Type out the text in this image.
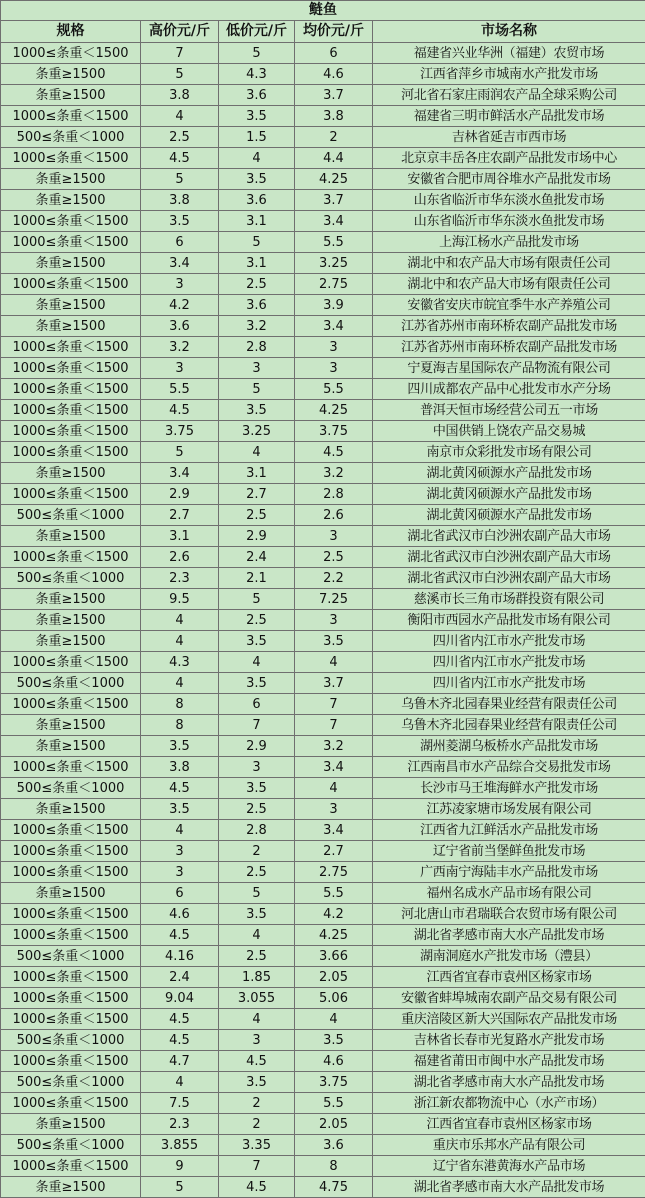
鲢鱼				
规格	高价元/斤	低价元/斤	均价元/斤	市场名称
1000≤条重＜1500	7	5	6	福建省兴业华洲（福建）农贸市场
条重≥1500	5	4.3	4.6	江西省萍乡市城南水产批发市场
条重≥1500	3.8	3.6	3.7	河北省石家庄雨润农产品全球采购公司
1000≤条重＜1500	4	3.5	3.8	福建省三明市鲜活水产品批发市场
500≤条重＜1000	2.5	1.5	2	吉林省延吉市西市场
1000≤条重＜1500	4.5	4	4.4	北京京丰岳各庄农副产品批发市场中心
条重≥1500	5	3.5	4.25	安徽省合肥市周谷堆水产品批发市场
条重≥1500	3.8	3.6	3.7	山东省临沂市华东淡水鱼批发市场
1000≤条重＜1500	3.5	3.1	3.4	山东省临沂市华东淡水鱼批发市场
1000≤条重＜1500	6	5	5.5	上海江杨水产品批发市场
条重≥1500	3.4	3.1	3.25	湖北中和农产品大市场有限责任公司
1000≤条重＜1500	3	2.5	2.75	湖北中和农产品大市场有限责任公司
条重≥1500	4.2	3.6	3.9	安徽省安庆市皖宜季牛水产养殖公司
条重≥1500	3.6	3.2	3.4	江苏省苏州市南环桥农副产品批发市场
1000≤条重＜1500	3.2	2.8	3	江苏省苏州市南环桥农副产品批发市场
1000≤条重＜1500	3	3	3	宁夏海吉星国际农产品物流有限公司
1000≤条重＜1500	5.5	5	5.5	四川成都农产品中心批发市水产分场
1000≤条重＜1500	4.5	3.5	4.25	普洱天恒市场经营公司五一市场
1000≤条重＜1500	3.75	3.25	3.75	中国供销上饶农产品交易城
1000≤条重＜1500	5	4	4.5	南京市众彩批发市场有限公司
条重≥1500	3.4	3.1	3.2	湖北黄冈硕源水产品批发市场
1000≤条重＜1500	2.9	2.7	2.8	湖北黄冈硕源水产品批发市场
500≤条重＜1000	2.7	2.5	2.6	湖北黄冈硕源水产品批发市场
条重≥1500	3.1	2.9	3	湖北省武汉市白沙洲农副产品大市场
1000≤条重＜1500	2.6	2.4	2.5	湖北省武汉市白沙洲农副产品大市场
500≤条重＜1000	2.3	2.1	2.2	湖北省武汉市白沙洲农副产品大市场
条重≥1500	9.5	5	7.25	慈溪市长三角市场群投资有限公司
条重≥1500	4	2.5	3	衡阳市西园水产品批发市场有限公司
条重≥1500	4	3.5	3.5	四川省内江市水产批发市场
1000≤条重＜1500	4.3	4	4	四川省内江市水产批发市场
500≤条重＜1000	4	3.5	3.7	四川省内江市水产批发市场
1000≤条重＜1500	8	6	7	乌鲁木齐北园春果业经营有限责任公司
条重≥1500	8	7	7	乌鲁木齐北园春果业经营有限责任公司
条重≥1500	3.5	2.9	3.2	湖州菱湖乌板桥水产品批发市场
1000≤条重＜1500	3.8	3	3.4	江西南昌市水产品综合交易批发市场
500≤条重＜1000	4.5	3.5	4	长沙市马王堆海鲜水产批发市场
条重≥1500	3.5	2.5	3	江苏凌家塘市场发展有限公司
1000≤条重＜1500	4	2.8	3.4	江西省九江鲜活水产品批发市场
1000≤条重＜1500	3	2	2.7	辽宁省前当堡鲜鱼批发市场
1000≤条重＜1500	3	2.5	2.75	广西南宁海陆丰水产品批发市场
条重≥1500	6	5	5.5	福州名成水产品市场有限公司
1000≤条重＜1500	4.6	3.5	4.2	河北唐山市君瑞联合农贸市场有限公司
1000≤条重＜1500	4.5	4	4.25	湖北省孝感市南大水产品批发市场
500≤条重＜1000	4.16	2.5	3.66	湖南洞庭水产批发市场（澧县）
1000≤条重＜1500	2.4	1.85	2.05	江西省宜春市袁州区杨家市场
1000≤条重＜1500	9.04	3.055	5.06	安徽省蚌埠城南农副产品交易有限公司
1000≤条重＜1500	4.5	4	4	重庆涪陵区新大兴国际农产品批发市场
500≤条重＜1000	4.5	3	3.5	吉林省长春市光复路水产批发市场
1000≤条重＜1500	4.7	4.5	4.6	福建省莆田市闽中水产品批发市场
500≤条重＜1000	4	3.5	3.75	湖北省孝感市南大水产品批发市场
1000≤条重＜1500	7.5	2	5.5	浙江新农都物流中心（水产市场）
条重≥1500	2.3	2	2.05	江西省宜春市袁州区杨家市场
500≤条重＜1000	3.855	3.35	3.6	重庆市乐邦水产品有限公司
1000≤条重＜1500	9	7	8	辽宁省东港黄海水产品市场
条重≥1500	5	4.5	4.75	湖北省孝感市南大水产品批发市场
